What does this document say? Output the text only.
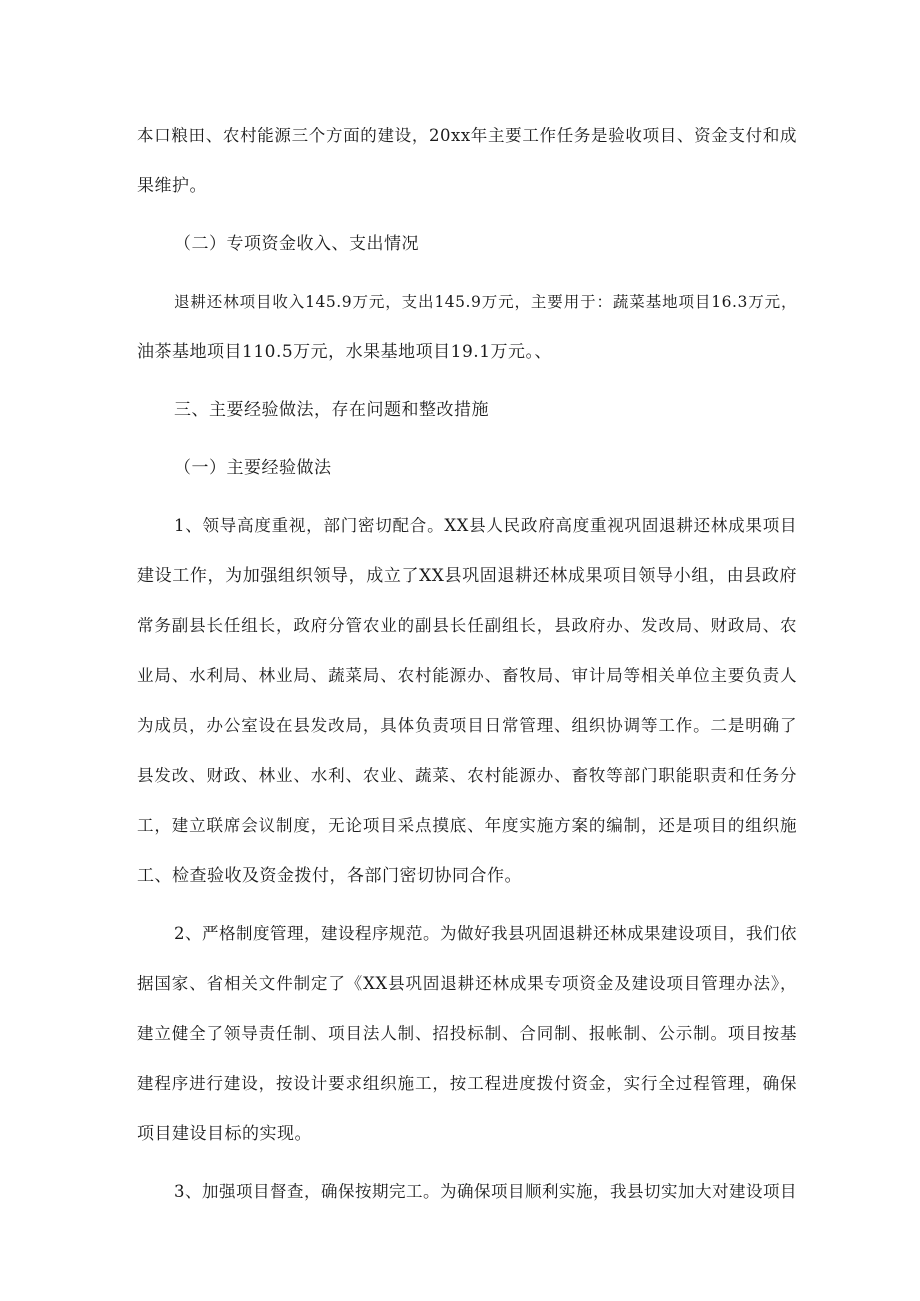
本口粮田、农村能源三个方面的建设，20xx年主要工作任务是验收项目、资金支付和成
果维护。
（二）专项资金收入、支出情况
退耕还林项目收入145.9万元，支出145.9万元，主要用于：蔬菜基地项目16.3万元，
油茶基地项目110.5万元，水果基地项目19.1万元。、
三、主要经验做法，存在问题和整改措施
（一）主要经验做法
1、领导高度重视，部门密切配合。XX县人民政府高度重视巩固退耕还林成果项目
建设工作，为加强组织领导，成立了XX县巩固退耕还林成果项目领导小组，由县政府
常务副县长任组长，政府分管农业的副县长任副组长，县政府办、发改局、财政局、农
业局、水利局、林业局、蔬菜局、农村能源办、畜牧局、审计局等相关单位主要负责人
为成员，办公室设在县发改局，具体负责项目日常管理、组织协调等工作。二是明确了
县发改、财政、林业、水利、农业、蔬菜、农村能源办、畜牧等部门职能职责和任务分
工，建立联席会议制度，无论项目采点摸底、年度实施方案的编制，还是项目的组织施
工、检查验收及资金拨付，各部门密切协同合作。
2、严格制度管理，建设程序规范。为做好我县巩固退耕还林成果建设项目，我们依
据国家、省相关文件制定了《XX县巩固退耕还林成果专项资金及建设项目管理办法》，
建立健全了领导责任制、项目法人制、招投标制、合同制、报帐制、公示制。项目按基
建程序进行建设，按设计要求组织施工，按工程进度拨付资金，实行全过程管理，确保
项目建设目标的实现。
3、加强项目督查，确保按期完工。为确保项目顺利实施，我县切实加大对建设项目
